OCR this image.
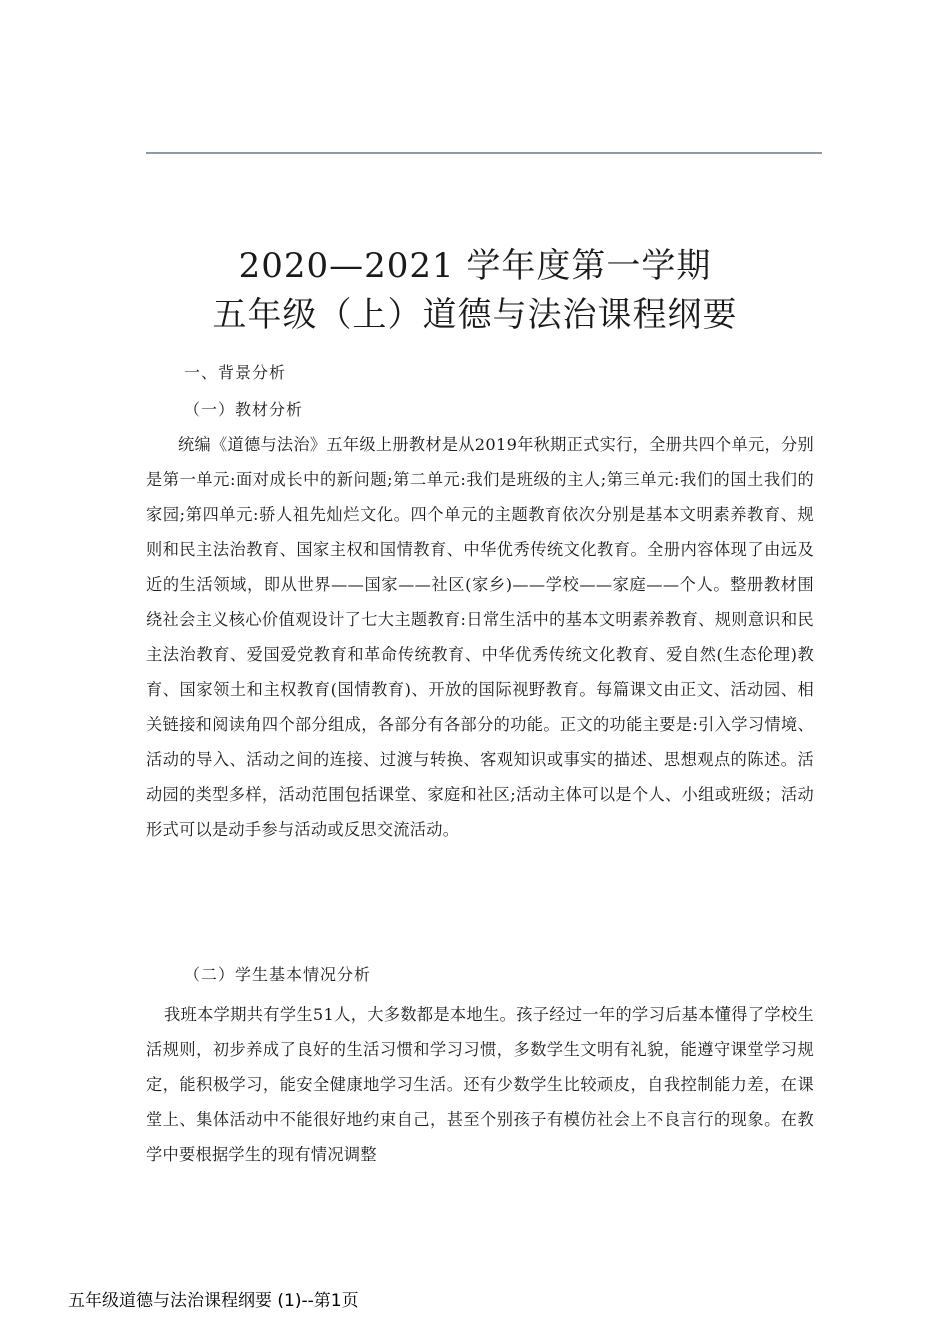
2020—2021 学年度第一学期
五年级（上）道德与法治课程纲要
一、背景分析
（一）教材分析

统编《道德与法治》五年级上册教材是从2019年秋期正式实行，全册共四个单元，分别是第一单元:面对成长中的新问题;第二单元:我们是班级的主人;第三单元:我们的国土我们的家园;第四单元:骄人祖先灿烂文化。四个单元的主题教育依次分别是基本文明素养教育、规则和民主法治教育、国家主权和国情教育、中华优秀传统文化教育。全册内容体现了由远及近的生活领域，即从世界——国家——社区(家乡)——学校——家庭——个人。整册教材围绕社会主义核心价值观设计了七大主题教育:日常生活中的基本文明素养教育、规则意识和民主法治教育、爱国爱党教育和革命传统教育、中华优秀传统文化教育、爱自然(生态伦理)教育、国家领土和主权教育(国情教育)、开放的国际视野教育。每篇课文由正文、活动园、相关链接和阅读角四个部分组成，各部分有各部分的功能。正文的功能主要是:引入学习情境、活动的导入、活动之间的连接、过渡与转换、客观知识或事实的描述、思想观点的陈述。活动园的类型多样，活动范围包括课堂、家庭和社区;活动主体可以是个人、小组或班级；活动形式可以是动手参与活动或反思交流活动。

（二）学生基本情况分析

我班本学期共有学生51人，大多数都是本地生。孩子经过一年的学习后基本懂得了学校生活规则，初步养成了良好的生活习惯和学习习惯，多数学生文明有礼貌，能遵守课堂学习规定，能积极学习，能安全健康地学习生活。还有少数学生比较顽皮，自我控制能力差，在课堂上、集体活动中不能很好地约束自己，甚至个别孩子有模仿社会上不良言行的现象。在教学中要根据学生的现有情况调整

五年级道德与法治课程纲要 (1)--第1页
